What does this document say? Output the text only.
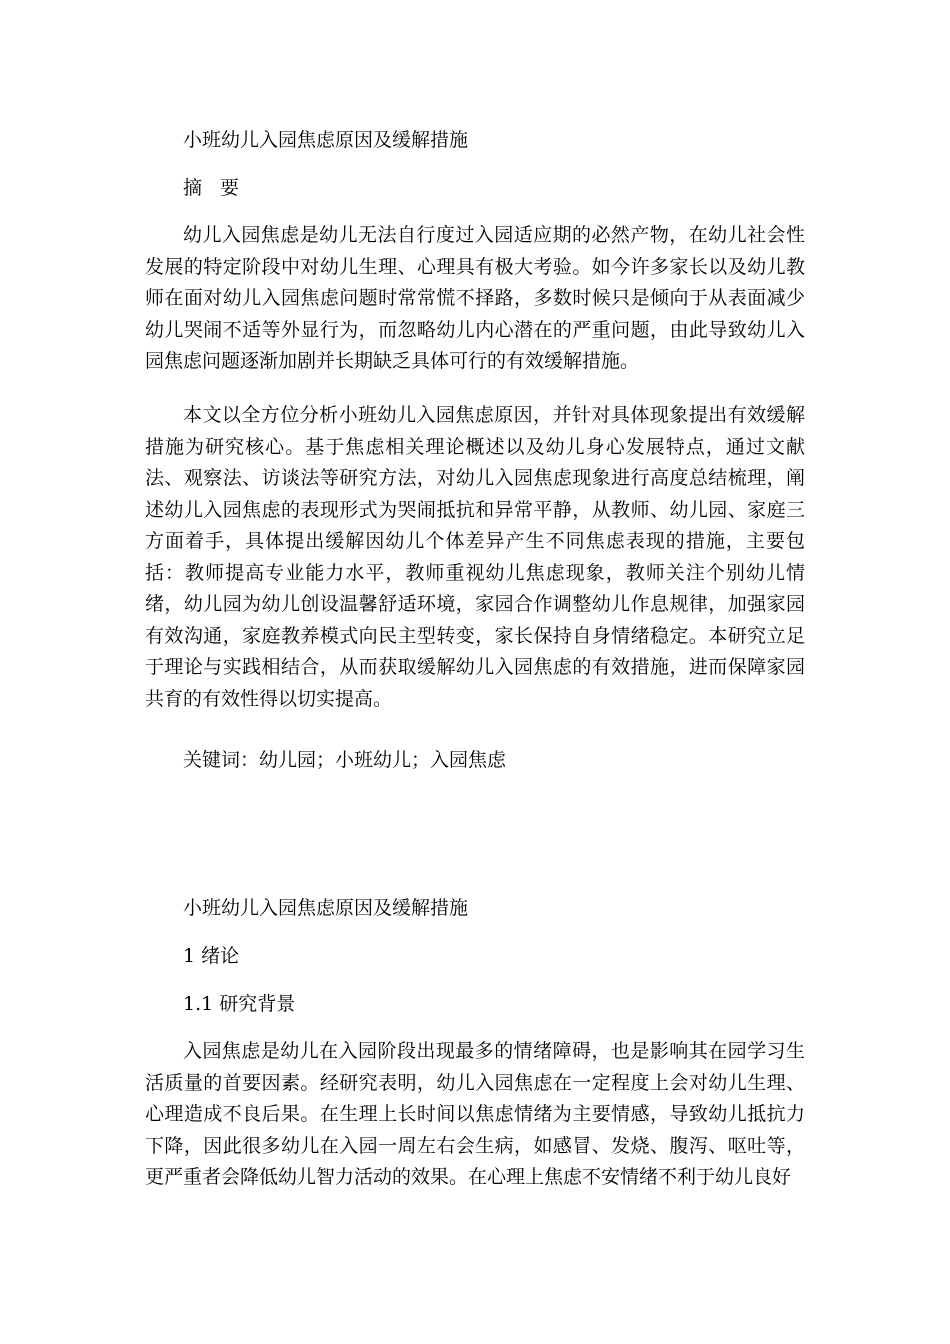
小班幼儿入园焦虑原因及缓解措施
摘 要

幼儿入园焦虑是幼儿无法自行度过入园适应期的必然产物，在幼儿社会性发展的特定阶段中对幼儿生理、心理具有极大考验。如今许多家长以及幼儿教师在面对幼儿入园焦虑问题时常常慌不择路，多数时候只是倾向于从表面减少幼儿哭闹不适等外显行为，而忽略幼儿内心潜在的严重问题，由此导致幼儿入园焦虑问题逐渐加剧并长期缺乏具体可行的有效缓解措施。

本文以全方位分析小班幼儿入园焦虑原因，并针对具体现象提出有效缓解措施为研究核心。基于焦虑相关理论概述以及幼儿身心发展特点，通过文献法、观察法、访谈法等研究方法，对幼儿入园焦虑现象进行高度总结梳理，阐述幼儿入园焦虑的表现形式为哭闹抵抗和异常平静，从教师、幼儿园、家庭三方面着手，具体提出缓解因幼儿个体差异产生不同焦虑表现的措施，主要包括：教师提高专业能力水平，教师重视幼儿焦虑现象，教师关注个别幼儿情绪，幼儿园为幼儿创设温馨舒适环境，家园合作调整幼儿作息规律，加强家园有效沟通，家庭教养模式向民主型转变，家长保持自身情绪稳定。本研究立足于理论与实践相结合，从而获取缓解幼儿入园焦虑的有效措施，进而保障家园共育的有效性得以切实提高。

关键词：幼儿园；小班幼儿；入园焦虑
小班幼儿入园焦虑原因及缓解措施
1 绪论
1.1 研究背景

入园焦虑是幼儿在入园阶段出现最多的情绪障碍，也是影响其在园学习生活质量的首要因素。经研究表明，幼儿入园焦虑在一定程度上会对幼儿生理、心理造成不良后果。在生理上长时间以焦虑情绪为主要情感，导致幼儿抵抗力下降，因此很多幼儿在入园一周左右会生病，如感冒、发烧、腹泻、呕吐等，更严重者会降低幼儿智力活动的效果。在心理上焦虑不安情绪不利于幼儿良好
